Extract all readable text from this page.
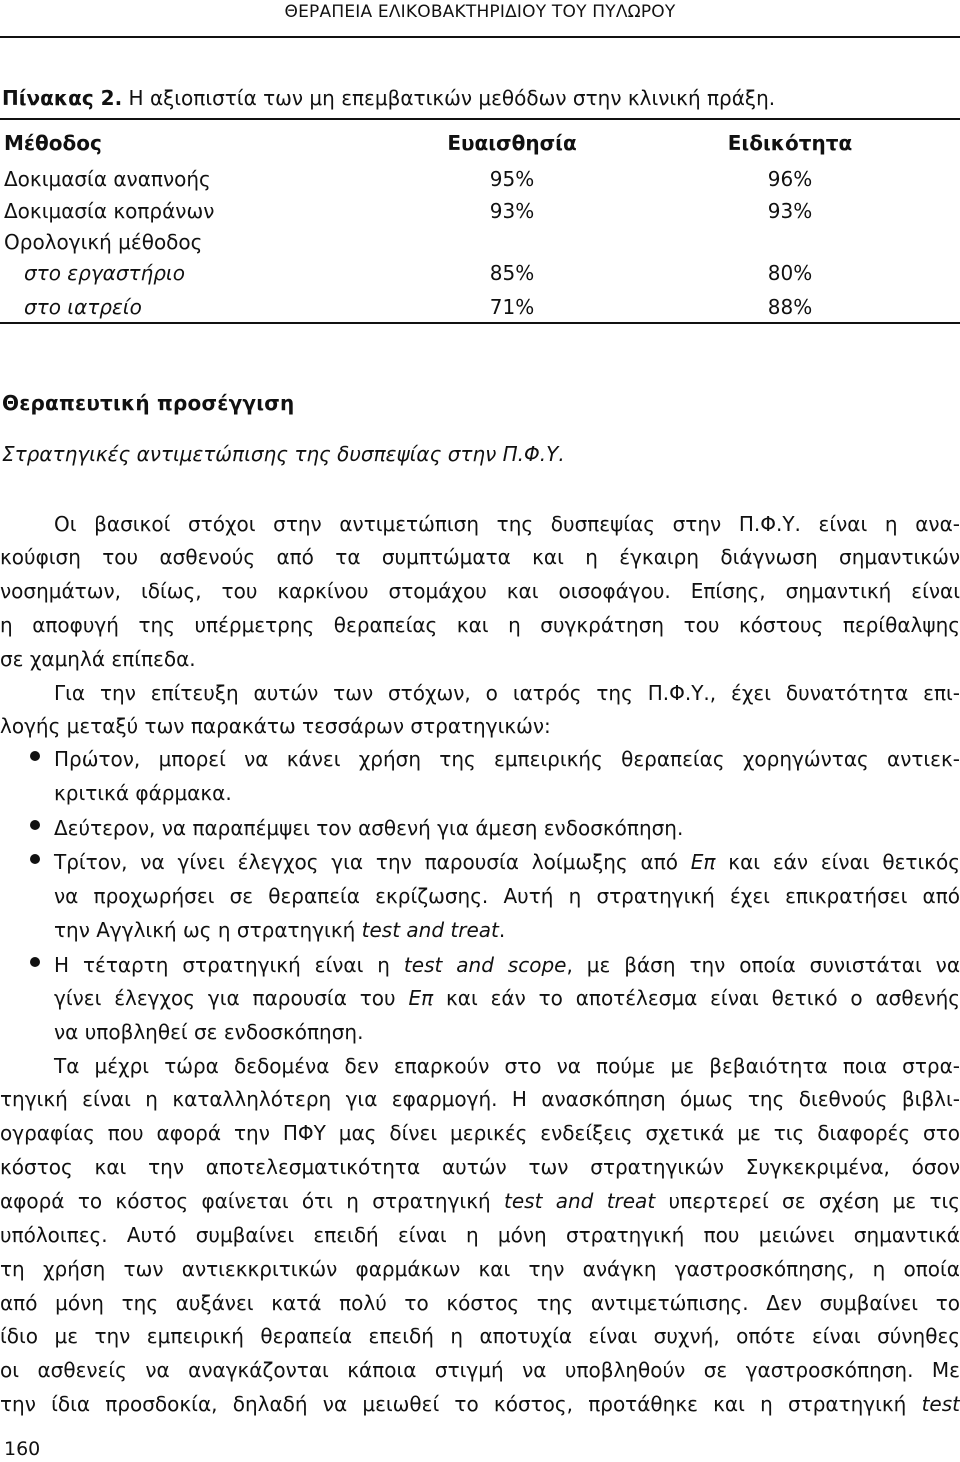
ΘΕΡΑΠΕΙΑ ΕΛΙΚΟΒΑΚΤΗΡΙΔΙΟΥ ΤΟΥ ΠΥΛΩΡΟΥ
Πίνακας 2. Η αξιοπιστία των μη επεμβατικών μεθόδων στην κλινική πράξη.
Μέθοδος	Ευαισθησία	Ειδικότητα
Δοκιμασία αναπνοής	95%	96%
Δοκιμασία κοπράνων	93%	93%
Ορολογική μέθοδος
στο εργαστήριο	85%	80%
στο ιατρείο	71%	88%
Θεραπευτική προσέγγιση
Στρατηγικές αντιμετώπισης της δυσπεψίας στην Π.Φ.Υ.
Οι βασικοί στόχοι στην αντιμετώπιση της δυσπεψίας στην Π.Φ.Υ. είναι η ανα-
κούφιση του ασθενούς από τα συμπτώματα και η έγκαιρη διάγνωση σημαντικών
νοσημάτων, ιδίως, του καρκίνου στομάχου και οισοφάγου. Επίσης, σημαντική είναι
η αποφυγή της υπέρμετρης θεραπείας και η συγκράτηση του κόστους περίθαλψης
σε χαμηλά επίπεδα.
Για την επίτευξη αυτών των στόχων, ο ιατρός της Π.Φ.Υ., έχει δυνατότητα επι-
λογής μεταξύ των παρακάτω τεσσάρων στρατηγικών:
Πρώτον, μπορεί να κάνει χρήση της εμπειρικής θεραπείας χορηγώντας αντιεκ-
κριτικά φάρμακα.
Δεύτερον, να παραπέμψει τον ασθενή για άμεση ενδοσκόπηση.
Τρίτον, να γίνει έλεγχος για την παρουσία λοίμωξης από Επ και εάν είναι θετικός
να προχωρήσει σε θεραπεία εκρίζωσης. Αυτή η στρατηγική έχει επικρατήσει από
την Αγγλική ως η στρατηγική test and treat.
Η τέταρτη στρατηγική είναι η test and scope, με βάση την οποία συνιστάται να
γίνει έλεγχος για παρουσία του Επ και εάν το αποτέλεσμα είναι θετικό ο ασθενής
να υποβληθεί σε ενδοσκόπηση.
Τα μέχρι τώρα δεδομένα δεν επαρκούν στο να πούμε με βεβαιότητα ποια στρα-
τηγική είναι η καταλληλότερη για εφαρμογή. Η ανασκόπηση όμως της διεθνούς βιβλι-
ογραφίας που αφορά την ΠΦΥ μας δίνει μερικές ενδείξεις σχετικά με τις διαφορές στο
κόστος και την αποτελεσματικότητα αυτών των στρατηγικών Συγκεκριμένα, όσον
αφορά το κόστος φαίνεται ότι η στρατηγική test and treat υπερτερεί σε σχέση με τις
υπόλοιπες. Αυτό συμβαίνει επειδή είναι η μόνη στρατηγική που μειώνει σημαντικά
τη χρήση των αντιεκκριτικών φαρμάκων και την ανάγκη γαστροσκόπησης, η οποία
από μόνη της αυξάνει κατά πολύ το κόστος της αντιμετώπισης. Δεν συμβαίνει το
ίδιο με την εμπειρική θεραπεία επειδή η αποτυχία είναι συχνή, οπότε είναι σύνηθες
οι ασθενείς να αναγκάζονται κάποια στιγμή να υποβληθούν σε γαστροσκόπηση. Με
την ίδια προσδοκία, δηλαδή να μειωθεί το κόστος, προτάθηκε και η στρατηγική test
160
